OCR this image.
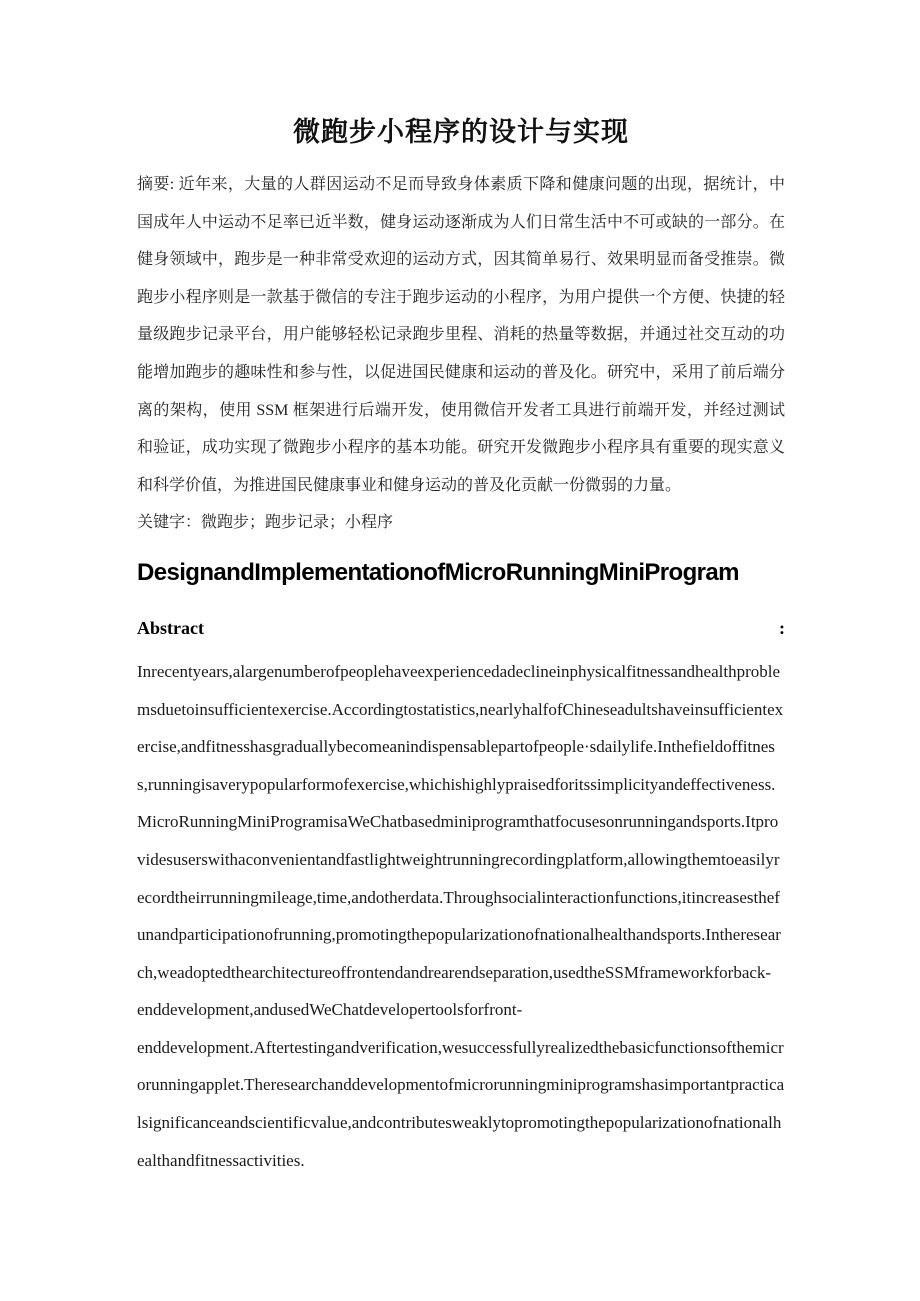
微跑步小程序的设计与实现
摘要: 近年来，大量的人群因运动不足而导致身体素质下降和健康问题的出现，据统计，中国成年人中运动不足率已近半数，健身运动逐渐成为人们日常生活中不可或缺的一部分。在健身领域中，跑步是一种非常受欢迎的运动方式，因其简单易行、效果明显而备受推崇。微跑步小程序则是一款基于微信的专注于跑步运动的小程序，为用户提供一个方便、快捷的轻量级跑步记录平台，用户能够轻松记录跑步里程、消耗的热量等数据，并通过社交互动的功能增加跑步的趣味性和参与性，以促进国民健康和运动的普及化。研究中，采用了前后端分离的架构，使用 SSM 框架进行后端开发，使用微信开发者工具进行前端开发，并经过测试和验证，成功实现了微跑步小程序的基本功能。研究开发微跑步小程序具有重要的现实意义和科学价值，为推进国民健康事业和健身运动的普及化贡献一份微弱的力量。
关键字：微跑步；跑步记录；小程序
DesignandImplementationofMicroRunningMiniProgram
Abstract	:
Inrecentyears,alargenumberofpeoplehaveexperiencedadeclineinphysicalfitnessandhealthproblemsduetoinsufficientexercise.Accordingtostatistics,nearlyhalfofChineseadultshaveinsufficientexercise,andfitnesshasgraduallybecomeanindispensablepartofpeople·sdailylife.Inthefieldoffitness,runningisaverypopularformofexercise,whichishighlypraisedforitssimplicityandeffectiveness.MicroRunningMiniProgramisaWeChatbasedminiprogramthatfocusesonrunningandsports.Itprovidesuserswithaconvenientandfastlightweightrunningrecordingplatform,allowingthemtoeasilyrecordtheirrunningmileage,time,andotherdata.Throughsocialinteractionfunctions,itincreasesthefunandparticipationofrunning,promotingthepopularizationofnationalhealthandsports.Intheresearch,weadoptedthearchitectureoffrontendandrearendseparation,usedtheSSMframeworkforback-
enddevelopment,andusedWeChatdevelopertoolsforfront-
enddevelopment.Aftertestingandverification,wesuccessfullyrealizedthebasicfunctionsofthemicrorunningapplet.Theresearchanddevelopmentofmicrorunningminiprogramshasimportantpracticalsignificanceandscientificvalue,andcontributesweaklytopromotingthepopularizationofnationalhealthandfitnessactivities.
